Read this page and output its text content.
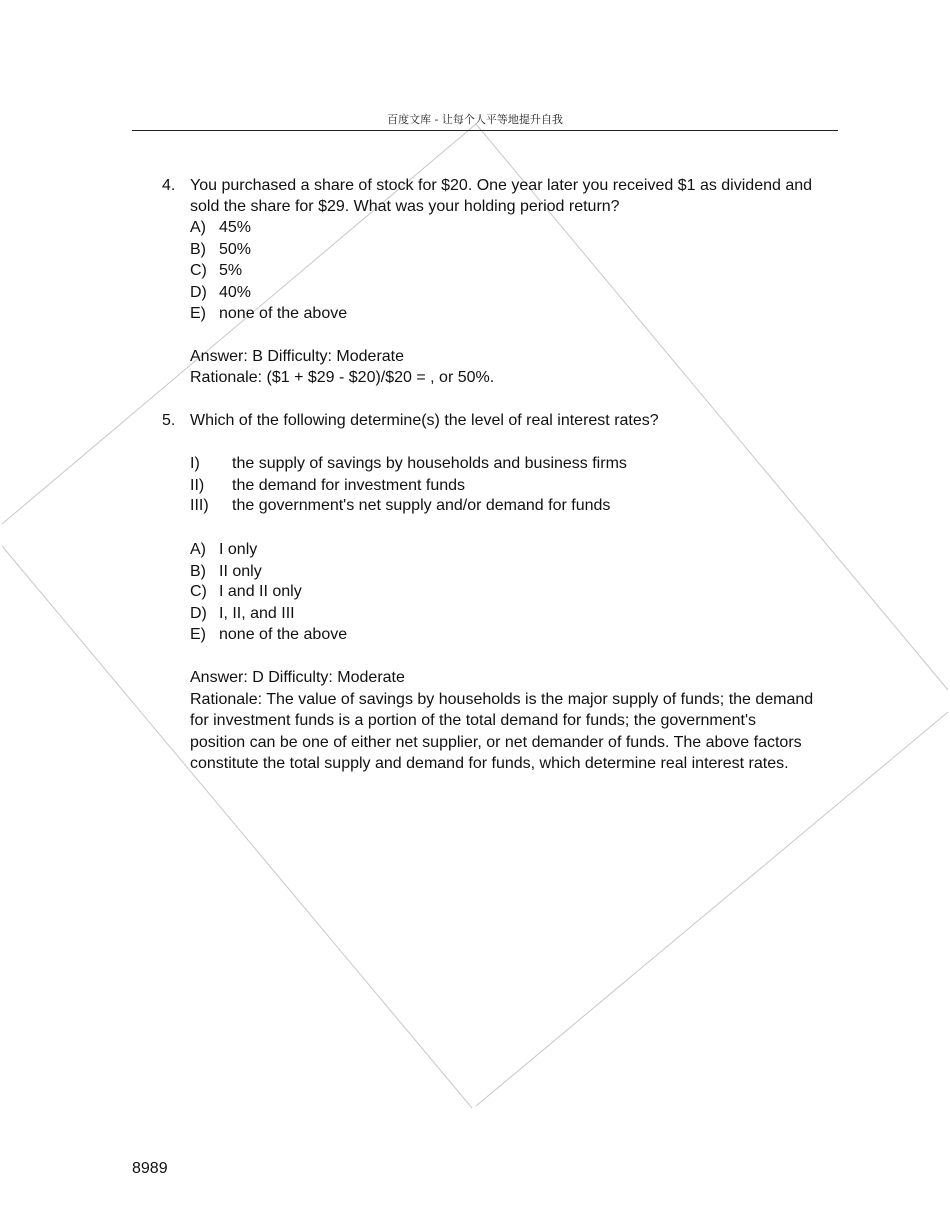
百度文库 - 让每个人平等地提升自我
4. You purchased a share of stock for $20. One year later you received $1 as dividend and
sold the share for $29. What was your holding period return?
A) 45%
B) 50%
C) 5%
D) 40%
E) none of the above
Answer: B Difficulty: Moderate
Rationale: ($1 + $29 - $20)/$20 = , or 50%.
5. Which of the following determine(s) the level of real interest rates?
I) the supply of savings by households and business firms
II) the demand for investment funds
III) the government's net supply and/or demand for funds
A) I only
B) II only
C) I and II only
D) I, II, and III
E) none of the above
Answer: D Difficulty: Moderate
Rationale: The value of savings by households is the major supply of funds; the demand
for investment funds is a portion of the total demand for funds; the government's
position can be one of either net supplier, or net demander of funds. The above factors
constitute the total supply and demand for funds, which determine real interest rates.
8989
